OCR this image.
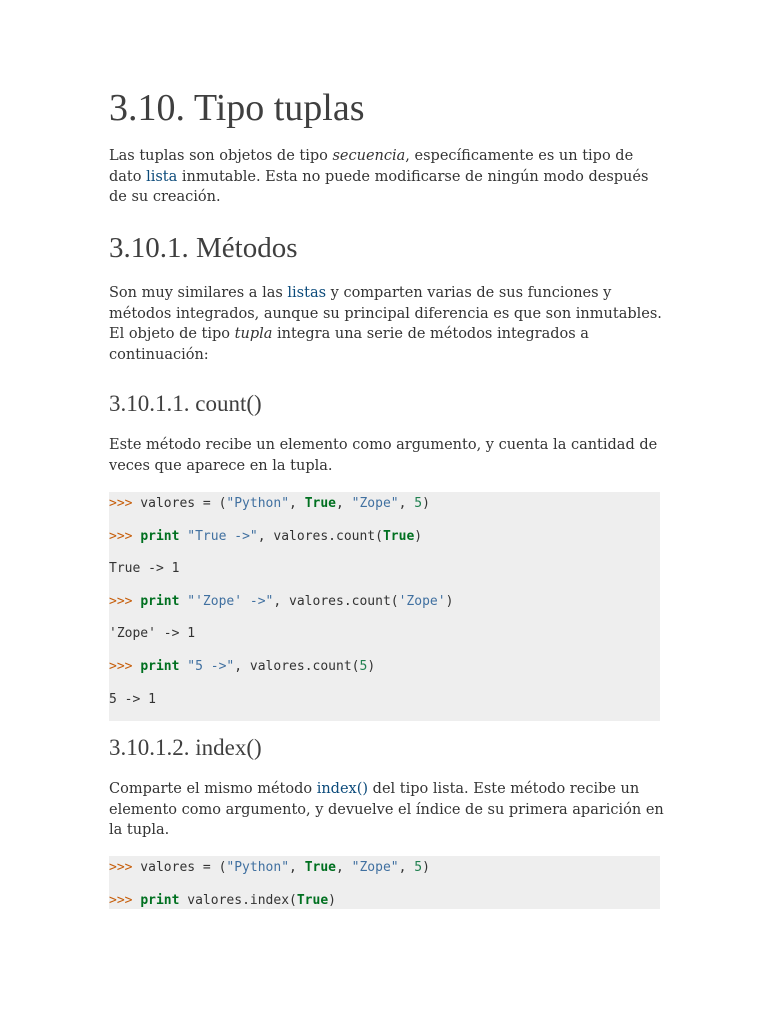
3.10. Tipo tuplas

Las tuplas son objetos de tipo secuencia, específicamente es un tipo de dato lista inmutable. Esta no puede modificarse de ningún modo después de su creación.

3.10.1. Métodos

Son muy similares a las listas y comparten varias de sus funciones y métodos integrados, aunque su principal diferencia es que son inmutables. El objeto de tipo tupla integra una serie de métodos integrados a continuación:

3.10.1.1. count()

Este método recibe un elemento como argumento, y cuenta la cantidad de veces que aparece en la tupla.

>>> valores = ("Python", True, "Zope", 5)
>>> print "True ->", valores.count(True)
True -> 1
>>> print "'Zope' ->", valores.count('Zope')
'Zope' -> 1
>>> print "5 ->", valores.count(5)
5 -> 1
3.10.1.2. index()

Comparte el mismo método index() del tipo lista. Este método recibe un elemento como argumento, y devuelve el índice de su primera aparición en la tupla.

>>> valores = ("Python", True, "Zope", 5)
>>> print valores.index(True)
